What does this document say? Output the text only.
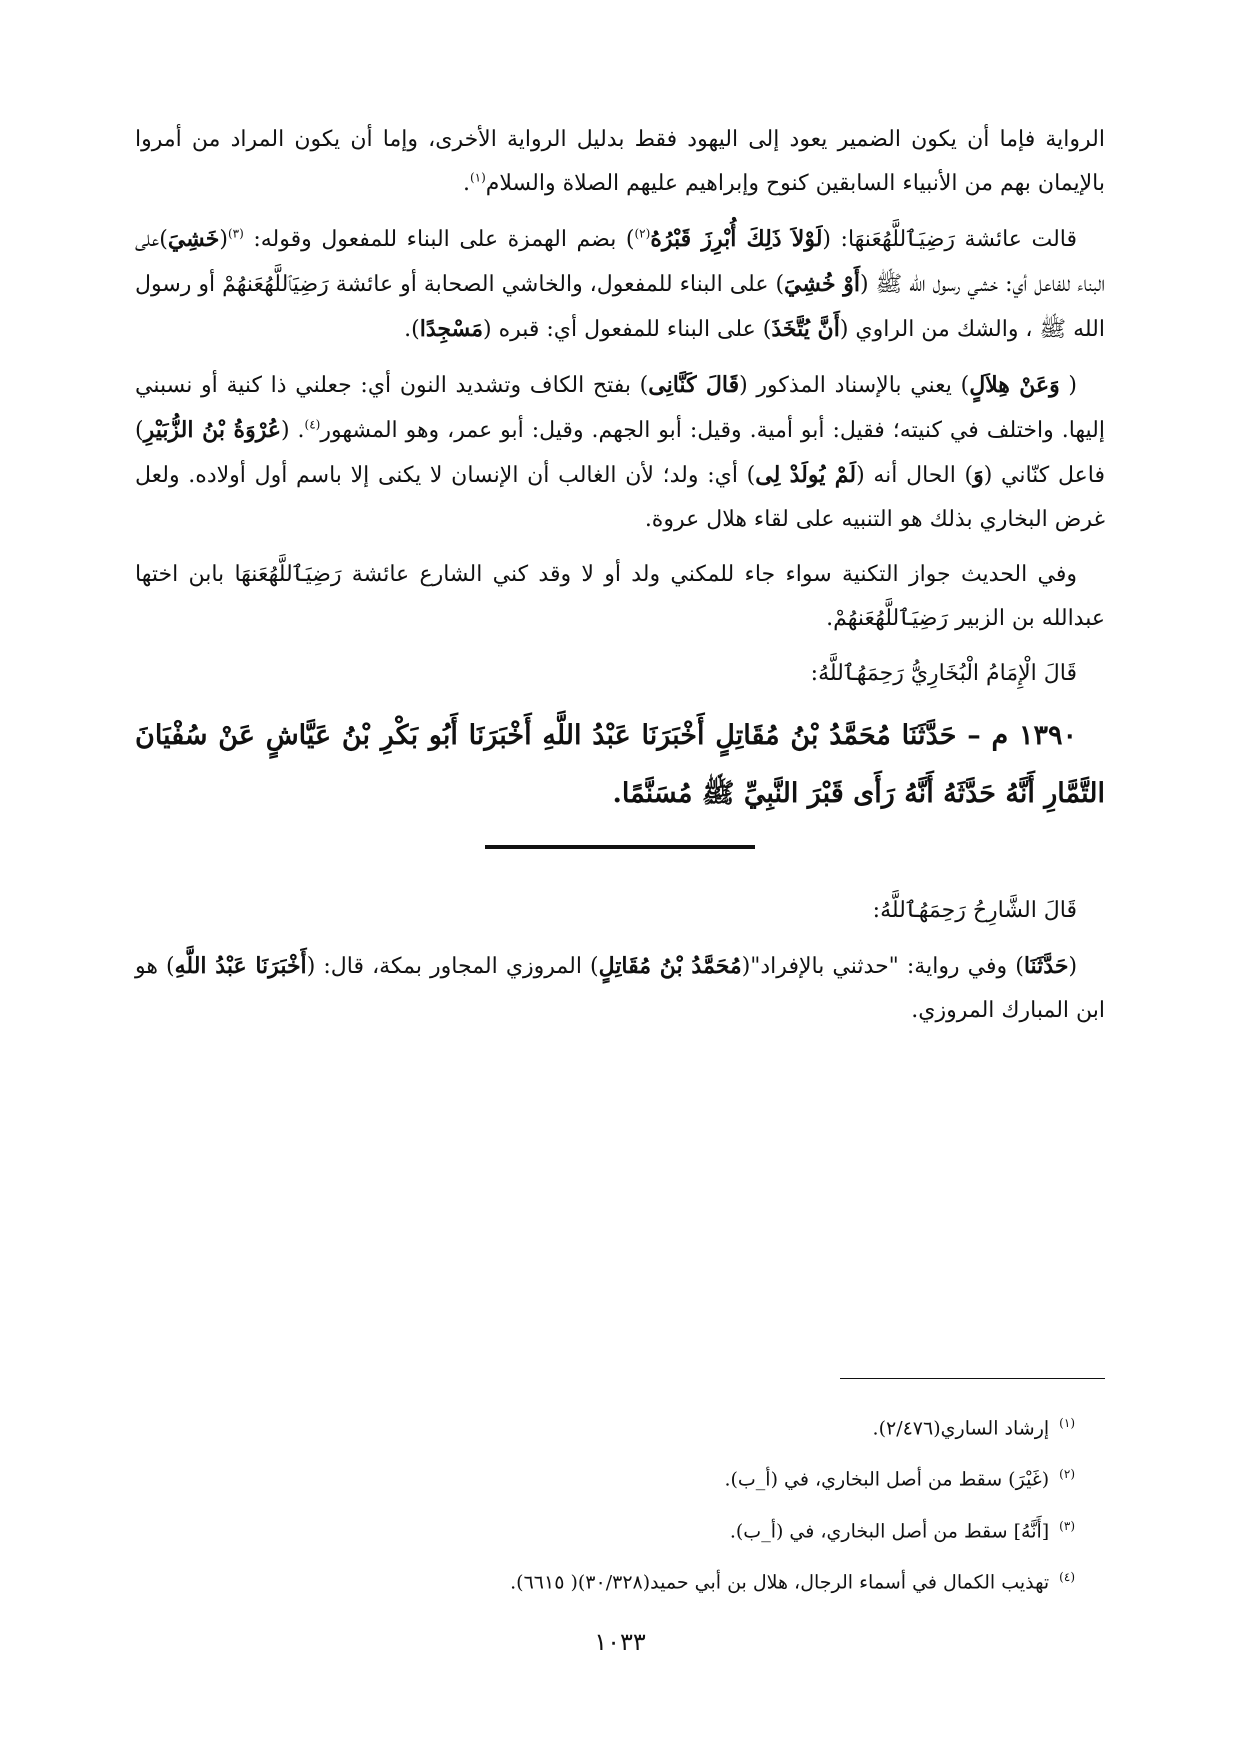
الرواية فإما أن يكون الضمير يعود إلى اليهود فقط بدليل الرواية الأخرى، وإما أن يكون المراد من أمروا بالإيمان بهم من الأنبياء السابقين كنوح وإبراهيم عليهم الصلاة والسلام$^{(١)}$.

قالت عائشة رَضِيَٱللَّهُعَنهَا: (لَوْلاَ ذَلِكَ أُبْرِزَ قَبْرُهُ$^{(٢)}$) بضم الهمزة على البناء للمفعول وقوله: $^{(٣)}$(خَشِيَ)على البناء للفاعل أي: خشي رسول الله ﷺ (أَوْ خُشِيَ) على البناء للمفعول، والخاشي الصحابة أو عائشة رَضِيَٱللَّهُعَنهُمْ أو رسول الله ﷺ ، والشك من الراوي (أَنَّ يُتَّخَذَ) على البناء للمفعول أي: قبره (مَسْجِدًا).

( وَعَنْ هِلاَلٍ) يعني بالإسناد المذكور (قَالَ كَنَّانِى) بفتح الكاف وتشديد النون أي: جعلني ذا كنية أو نسبني إليها. واختلف في كنيته؛ فقيل: أبو أمية. وقيل: أبو الجهم. وقيل: أبو عمر، وهو المشهور$^{(٤)}$. (عُرْوَةُ بْنُ الزُّبَيْرِ) فاعل كنّاني (وَ) الحال أنه (لَمْ يُولَدْ لِى) أي: ولد؛ لأن الغالب أن الإنسان لا يكنى إلا باسم أول أولاده. ولعل غرض البخاري بذلك هو التنبيه على لقاء هلال عروة.

وفي الحديث جواز التكنية سواء جاء للمكني ولد أو لا وقد كني الشارع عائشة رَضِيَٱللَّهُعَنهَا بابن اختها عبدالله بن الزبير رَضِيَٱللَّهُعَنهُمْ.

قَالَ الْإِمَامُ الْبُخَارِيُّ رَحِمَهُٱللَّهُ:

١٣٩٠ م – حَدَّثَنَا مُحَمَّدُ بْنُ مُقَاتِلٍ أَخْبَرَنَا عَبْدُ اللَّهِ أَخْبَرَنَا أَبُو بَكْرِ بْنُ عَيَّاشٍ عَنْ سُفْيَانَ التَّمَّارِ أَنَّهُ حَدَّثَهُ أَنَّهُ رَأَى قَبْرَ النَّبِيِّ ﷺ مُسَنَّمًا.

قَالَ الشَّارِحُ رَحِمَهُٱللَّهُ:

(حَدَّثَنَا) وفي رواية: "حدثني بالإفراد"(مُحَمَّدُ بْنُ مُقَاتِلٍ) المروزي المجاور بمكة، قال: (أَخْبَرَنَا عَبْدُ اللَّهِ) هو ابن المبارك المروزي.

$^{(١)}$إرشاد الساري(٢/٤٧٦).
$^{(٢)}$(غَيْرَ) سقط من أصل البخاري، في (أ_ب).
$^{(٣)}$[أَنَّهُ] سقط من أصل البخاري، في (أ_ب).
$^{(٤)}$تهذيب الكمال في أسماء الرجال، هلال بن أبي حميد(٣٠/٣٢٨)( ٦٦١٥).
١٠٣٣
